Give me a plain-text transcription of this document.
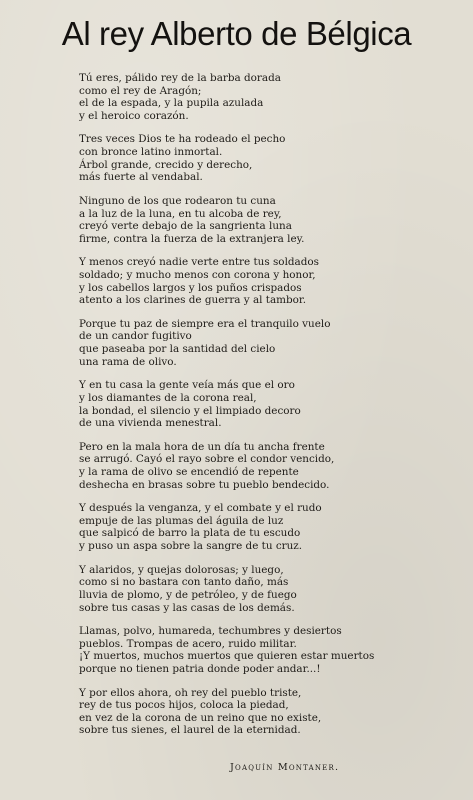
Al rey Alberto de Bélgica
Tú eres, pálido rey de la barba dorada
como el rey de Aragón;
el de la espada, y la pupila azulada
y el heroico corazón.
Tres veces Dios te ha rodeado el pecho
con bronce latino inmortal.
Árbol grande, crecido y derecho,
más fuerte al vendabal.
Ninguno de los que rodearon tu cuna
a la luz de la luna, en tu alcoba de rey,
creyó verte debajo de la sangrienta luna
firme, contra la fuerza de la extranjera ley.
Y menos creyó nadie verte entre tus soldados
soldado; y mucho menos con corona y honor,
y los cabellos largos y los puños crispados
atento a los clarines de guerra y al tambor.
Porque tu paz de siempre era el tranquilo vuelo
de un candor fugitivo
que paseaba por la santidad del cielo
una rama de olivo.
Y en tu casa la gente veía más que el oro
y los diamantes de la corona real,
la bondad, el silencio y el limpiado decoro
de una vivienda menestral.
Pero en la mala hora de un día tu ancha frente
se arrugó. Cayó el rayo sobre el condor vencido,
y la rama de olivo se encendió de repente
deshecha en brasas sobre tu pueblo bendecido.
Y después la venganza, y el combate y el rudo
empuje de las plumas del águila de luz
que salpicó de barro la plata de tu escudo
y puso un aspa sobre la sangre de tu cruz.
Y alaridos, y quejas dolorosas; y luego,
como si no bastara con tanto daño, más
lluvia de plomo, y de petróleo, y de fuego
sobre tus casas y las casas de los demás.
Llamas, polvo, humareda, techumbres y desiertos
pueblos. Trompas de acero, ruido militar.
¡Y muertos, muchos muertos que quieren estar muertos
porque no tienen patria donde poder andar...!
Y por ellos ahora, oh rey del pueblo triste,
rey de tus pocos hijos, coloca la piedad,
en vez de la corona de un reino que no existe,
sobre tus sienes, el laurel de la eternidad.
Joaquín Montaner.
